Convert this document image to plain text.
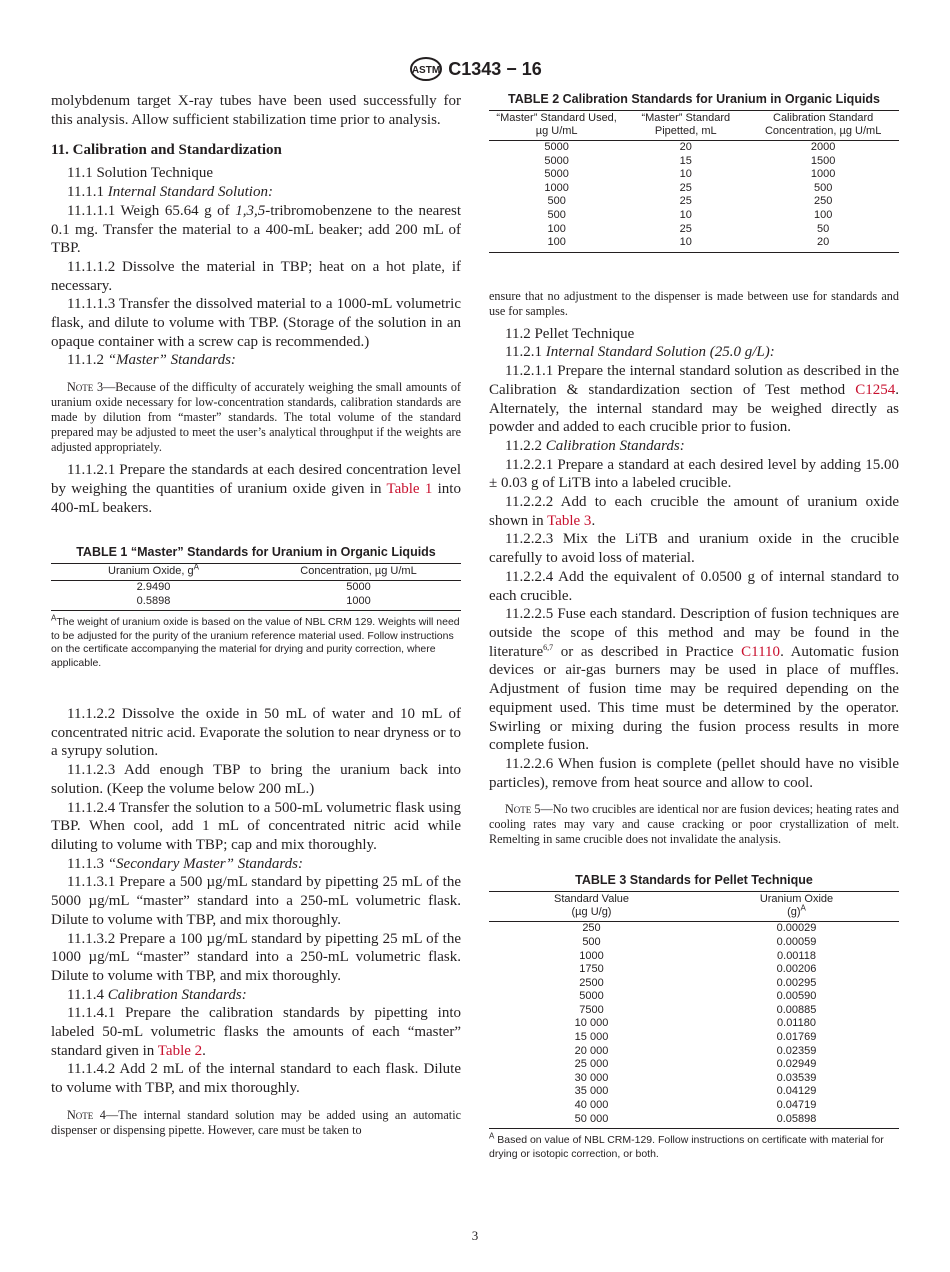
ASTM C1343 − 16

molybdenum target X-ray tubes have been used successfully for this analysis. Allow sufficient stabilization time prior to analysis.

11. Calibration and Standardization

11.1 Solution Technique

11.1.1 Internal Standard Solution:

11.1.1.1 Weigh 65.64 g of 1,3,5-tribromobenzene to the nearest 0.1 mg. Transfer the material to a 400-mL beaker; add 200 mL of TBP.

11.1.1.2 Dissolve the material in TBP; heat on a hot plate, if necessary.

11.1.1.3 Transfer the dissolved material to a 1000-mL volumetric flask, and dilute to volume with TBP. (Storage of the solution in an opaque container with a screw cap is recommended.)

11.1.2 “Master” Standards:

Note 3—Because of the difficulty of accurately weighing the small amounts of uranium oxide necessary for low-concentration standards, calibration standards are made by dilution from “master” standards. The total volume of the standard prepared may be adjusted to meet the user’s analytical throughput if the weights are adjusted appropriately.

11.1.2.1 Prepare the standards at each desired concentration level by weighing the quantities of uranium oxide given in Table 1 into 400-mL beakers.

TABLE 1 “Master” Standards for Uranium in Organic Liquids
Uranium Oxide, $g^A$	Concentration, µg U/mL
2.9490	5000
0.5898	1000
$^A$The weight of uranium oxide is based on the value of NBL CRM 129. Weights will need to be adjusted for the purity of the uranium reference material used. Follow instructions on the certificate accompanying the material for drying and purity correction, where applicable.

11.1.2.2 Dissolve the oxide in 50 mL of water and 10 mL of concentrated nitric acid. Evaporate the solution to near dryness or to a syrupy solution.

11.1.2.3 Add enough TBP to bring the uranium back into solution. (Keep the volume below 200 mL.)

11.1.2.4 Transfer the solution to a 500-mL volumetric flask using TBP. When cool, add 1 mL of concentrated nitric acid while diluting to volume with TBP; cap and mix thoroughly.

11.1.3 “Secondary Master” Standards:

11.1.3.1 Prepare a 500 µg/mL standard by pipetting 25 mL of the 5000 µg/mL “master” standard into a 250-mL volumetric flask. Dilute to volume with TBP, and mix thoroughly.

11.1.3.2 Prepare a 100 µg/mL standard by pipetting 25 mL of the 1000 µg/mL “master” standard into a 250-mL volumetric flask. Dilute to volume with TBP, and mix thoroughly.

11.1.4 Calibration Standards:

11.1.4.1 Prepare the calibration standards by pipetting into labeled 50-mL volumetric flasks the amounts of each “master” standard given in Table 2.

11.1.4.2 Add 2 mL of the internal standard to each flask. Dilute to volume with TBP, and mix thoroughly.

Note 4—The internal standard solution may be added using an automatic dispenser or dispensing pipette. However, care must be taken to
TABLE 2 Calibration Standards for Uranium in Organic Liquids
“Master” Standard Used, µg U/mL	“Master” Standard Pipetted, mL	Calibration Standard Concentration, µg U/mL
5000	20	2000
5000	15	1500
5000	10	1000
1000	25	500
500	25	250
500	10	100
100	25	50
100	10	20
ensure that no adjustment to the dispenser is made between use for standards and use for samples.

11.2 Pellet Technique

11.2.1 Internal Standard Solution (25.0 g/L):

11.2.1.1 Prepare the internal standard solution as described in the Calibration & standardization section of Test method C1254. Alternately, the internal standard may be weighed directly as powder and added to each crucible prior to fusion.

11.2.2 Calibration Standards:

11.2.2.1 Prepare a standard at each desired level by adding 15.00 ± 0.03 g of LiTB into a labeled crucible.

11.2.2.2 Add to each crucible the amount of uranium oxide shown in Table 3.

11.2.2.3 Mix the LiTB and uranium oxide in the crucible carefully to avoid loss of material.

11.2.2.4 Add the equivalent of 0.0500 g of internal standard to each crucible.

11.2.2.5 Fuse each standard. Description of fusion techniques are outside the scope of this method and may be found in the literature$^{6,7}$ or as described in Practice C1110. Automatic fusion devices or air-gas burners may be used in place of muffles. Adjustment of fusion time may be required depending on the equipment used. This time must be determined by the operator. Swirling or mixing during the fusion process results in more complete fusion.

11.2.2.6 When fusion is complete (pellet should have no visible particles), remove from heat source and allow to cool.

Note 5—No two crucibles are identical nor are fusion devices; heating rates and cooling rates may vary and cause cracking or poor crystallization of melt. Remelting in same crucible does not invalidate the analysis.
TABLE 3 Standards for Pellet Technique
Standard Value
(µg U/g)	Uranium Oxide
$(g)^A$
250	0.00029
500	0.00059
1000	0.00118
1750	0.00206
2500	0.00295
5000	0.00590
7500	0.00885
10 000	0.01180
15 000	0.01769
20 000	0.02359
25 000	0.02949
30 000	0.03539
35 000	0.04129
40 000	0.04719
50 000	0.05898
$^A$ Based on value of NBL CRM-129. Follow instructions on certificate with material for drying or isotopic correction, or both.
3
